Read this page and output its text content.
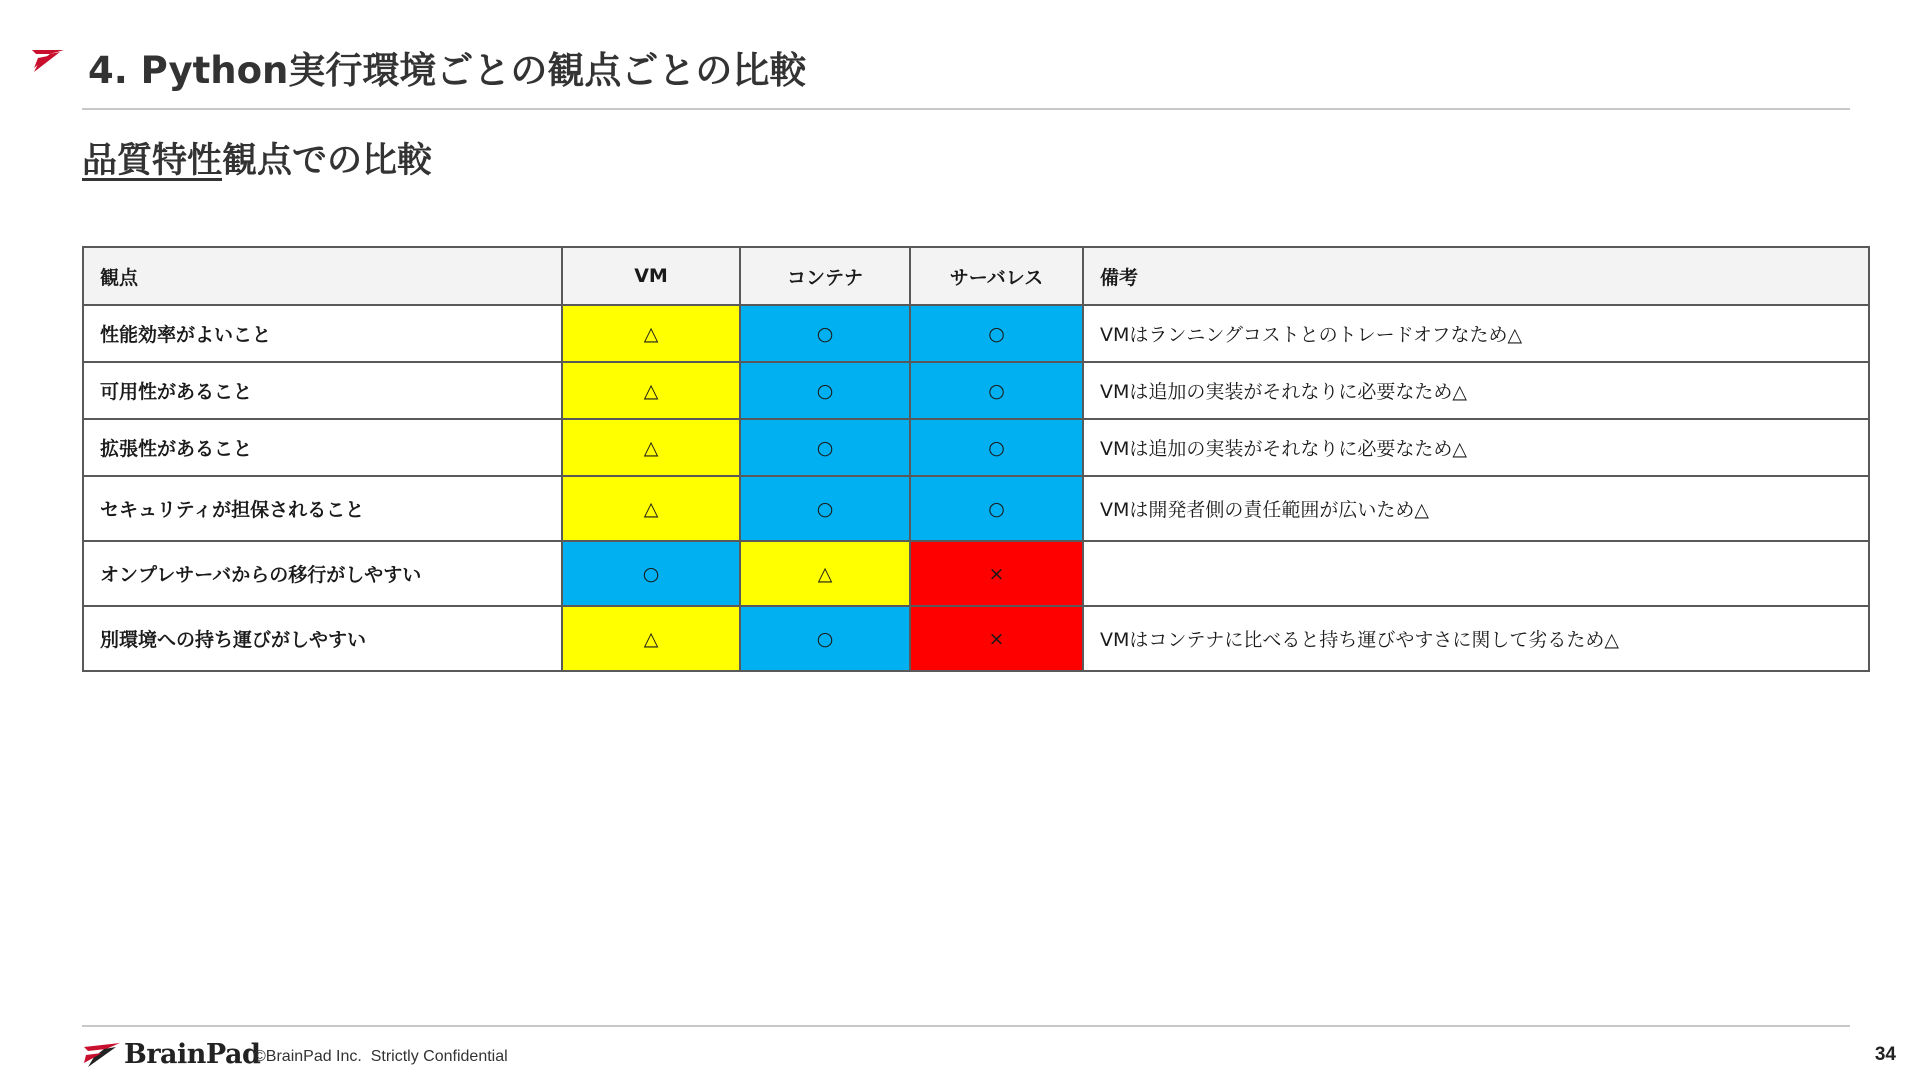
4. Python実行環境ごとの観点ごとの比較
品質特性観点での比較
観点	VM	コンテナ	サーバレス	備考
性能効率がよいこと	△	○	○	VMはランニングコストとのトレードオフなため△
可用性があること	△	○	○	VMは追加の実装がそれなりに必要なため△
拡張性があること	△	○	○	VMは追加の実装がそれなりに必要なため△
セキュリティが担保されること	△	○	○	VMは開発者側の責任範囲が広いため△
オンプレサーバからの移行がしやすい	○	△	×	
別環境への持ち運びがしやすい	△	○	×	VMはコンテナに比べると持ち運びやすさに関して劣るため△
BrainPad
©BrainPad Inc.  Strictly Confidential	34
